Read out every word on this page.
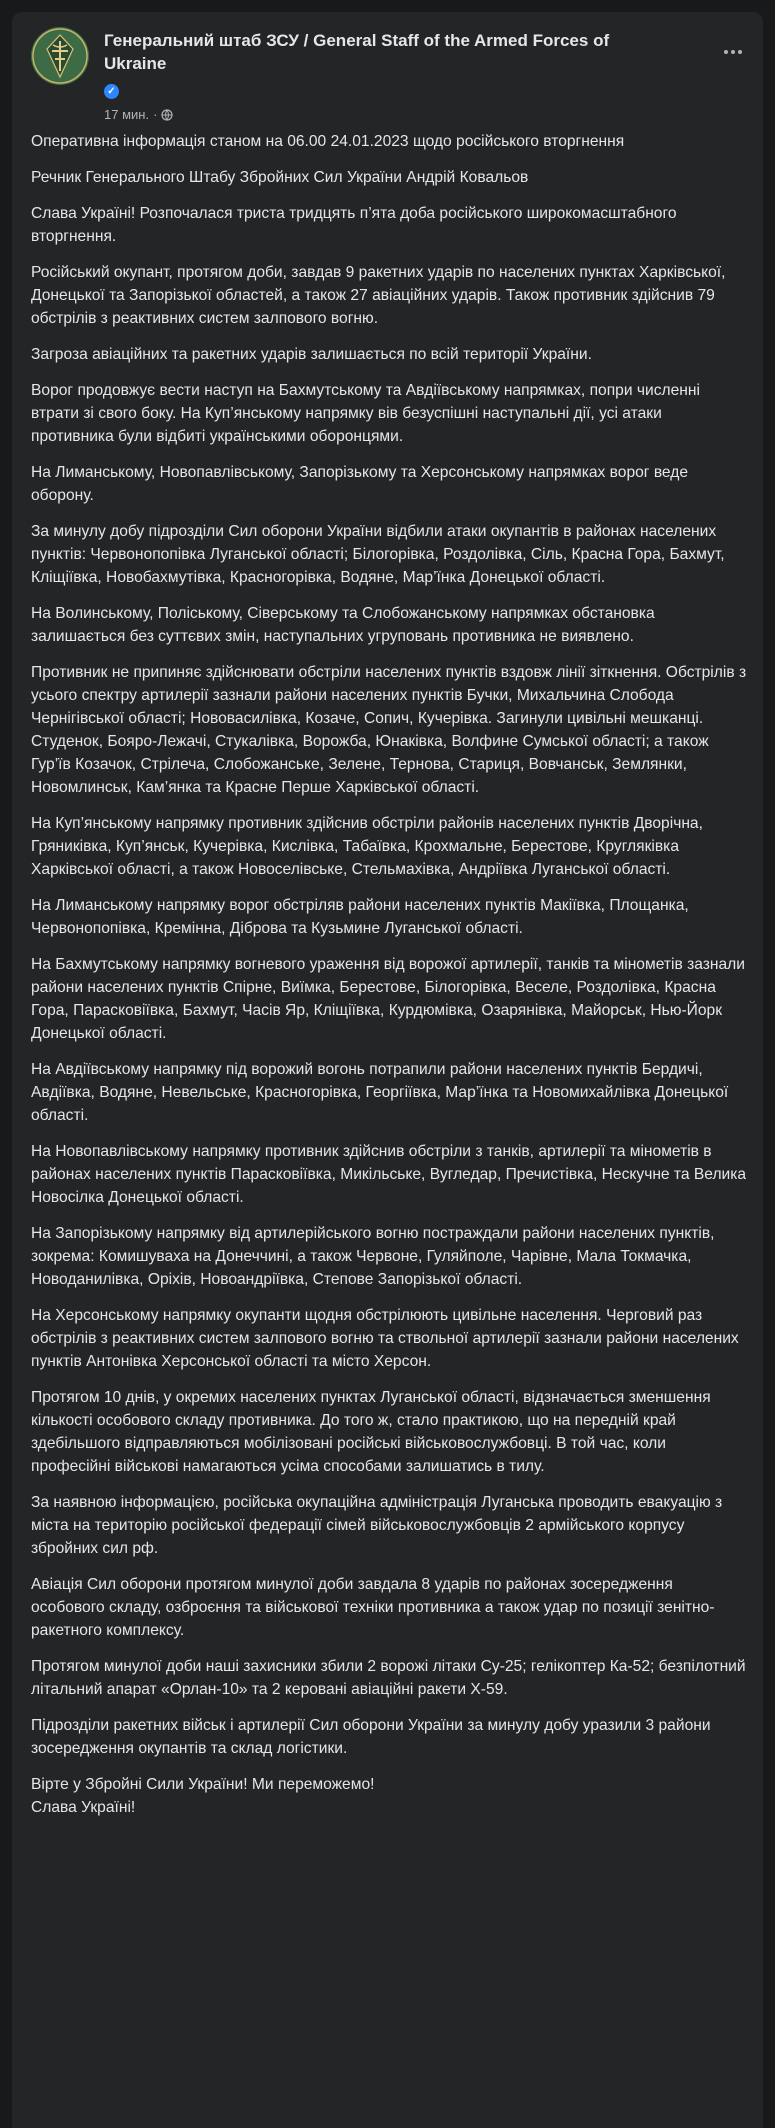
Генеральний штаб ЗСУ / General Staff of the Armed Forces of Ukraine
✓
17 мин. ·

Оперативна інформація станом на 06.00 24.01.2023 щодо російського вторгнення

Речник Генерального Штабу Збройних Сил України Андрій Ковальов

Слава Україні! Розпочалася триста тридцять п’ята доба російського широкомасштабного вторгнення.

Російський окупант, протягом доби, завдав 9 ракетних ударів по населених пунктах Харківської, Донецької та Запорізької областей, а також 27 авіаційних ударів. Також противник здійснив 79 обстрілів з реактивних систем залпового вогню.

Загроза авіаційних та ракетних ударів залишається по всій території України.

Ворог продовжує вести наступ на Бахмутському та Авдіївському напрямках, попри численні втрати зі свого боку. На Куп’янському напрямку вів безуспішні наступальні дії, усі атаки противника були відбиті українськими оборонцями.

На Лиманському, Новопавлівському, Запорізькому та Херсонському напрямках ворог веде оборону.

За минулу добу підрозділи Сил оборони України відбили атаки окупантів в районах населених пунктів: Червонопопівка Луганської області; Білогорівка, Роздолівка, Сіль, Красна Гора, Бахмут, Кліщіївка, Новобахмутівка, Красногорівка, Водяне, Мар’їнка Донецької області.

На Волинському, Поліському, Сіверському та Слобожанському напрямках обстановка залишається без суттєвих змін, наступальних угруповань противника не виявлено.

Противник не припиняє здійснювати обстріли населених пунктів вздовж лінії зіткнення. Обстрілів з усього спектру артилерії зазнали райони населених пунктів Бучки, Михальчина Слобода Чернігівської області; Нововасилівка, Козаче, Сопич, Кучерівка. Загинули цивільні мешканці. Студенок, Бояро-Лежачі, Стукалівка, Ворожба, Юнаківка, Волфине Сумської області; а також Гур’їв Козачок, Стрілеча, Слобожанське, Зелене, Тернова, Стариця, Вовчанськ, Землянки, Новомлинськ, Кам’янка та Красне Перше Харківської області.

На Куп’янському напрямку противник здійснив обстріли районів населених пунктів Дворічна, Гряниківка, Куп’янськ, Кучерівка, Кислівка, Табаївка, Крохмальне, Берестове, Кругляківка Харківської області, а також Новоселівське, Стельмахівка, Андріївка Луганської області.

На Лиманському напрямку ворог обстріляв райони населених пунктів Макіївка, Площанка, Червонопопівка, Кремінна, Діброва та Кузьмине Луганської області.

На Бахмутському напрямку вогневого ураження від ворожої артилерії, танків та мінометів зазнали райони населених пунктів Спірне, Виїмка, Берестове, Білогорівка, Веселе, Роздолівка, Красна Гора, Парасковіївка, Бахмут, Часів Яр, Кліщіївка, Курдюмівка, Озарянівка, Майорськ, Нью-Йорк Донецької області.

На Авдіївському напрямку під ворожий вогонь потрапили райони населених пунктів Бердичі, Авдіївка, Водяне, Невельське, Красногорівка, Георгіївка, Мар’їнка та Новомихайлівка Донецької області.

На Новопавлівському напрямку противник здійснив обстріли з танків, артилерії та мінометів в районах населених пунктів Парасковіївка, Микільське, Вугледар, Пречистівка, Нескучне та Велика Новосілка Донецької області.

На Запорізькому напрямку від артилерійського вогню постраждали райони населених пунктів, зокрема: Комишуваха на Донеччині, а також Червоне, Гуляйполе, Чарівне, Мала Токмачка, Новоданилівка, Оріхів, Новоандріївка, Степове Запорізької області.

На Херсонському напрямку окупанти щодня обстрілюють цивільне населення. Черговий раз обстрілів з реактивних систем залпового вогню та ствольної артилерії зазнали райони населених пунктів Антонівка Херсонської області та місто Херсон.

Протягом 10 днів, у окремих населених пунктах Луганської області, відзначається зменшення кількості особового складу противника. До того ж, стало практикою, що на передній край здебільшого відправляються мобілізовані російські військовослужбовці. В той час, коли професійні військові намагаються усіма способами залишатись в тилу.

За наявною інформацією, російська окупаційна адміністрація Луганська проводить евакуацію з міста на територію російської федерації сімей військовослужбовців 2 армійського корпусу збройних сил рф.

Авіація Сил оборони протягом минулої доби завдала 8 ударів по районах зосередження особового складу, озброєння та військової техніки противника а також удар по позиції зенітно-ракетного комплексу.

Протягом минулої доби наші захисники збили 2 ворожі літаки Су-25; гелікоптер Ка-52; безпілотний літальний апарат «Орлан-10» та 2 керовані авіаційні ракети Х-59.

Підрозділи ракетних військ і артилерії Сил оборони України за минулу добу уразили 3 райони зосередження окупантів та склад логістики.

Вірте у Збройні Сили України! Ми переможемо!
Слава Україні!
